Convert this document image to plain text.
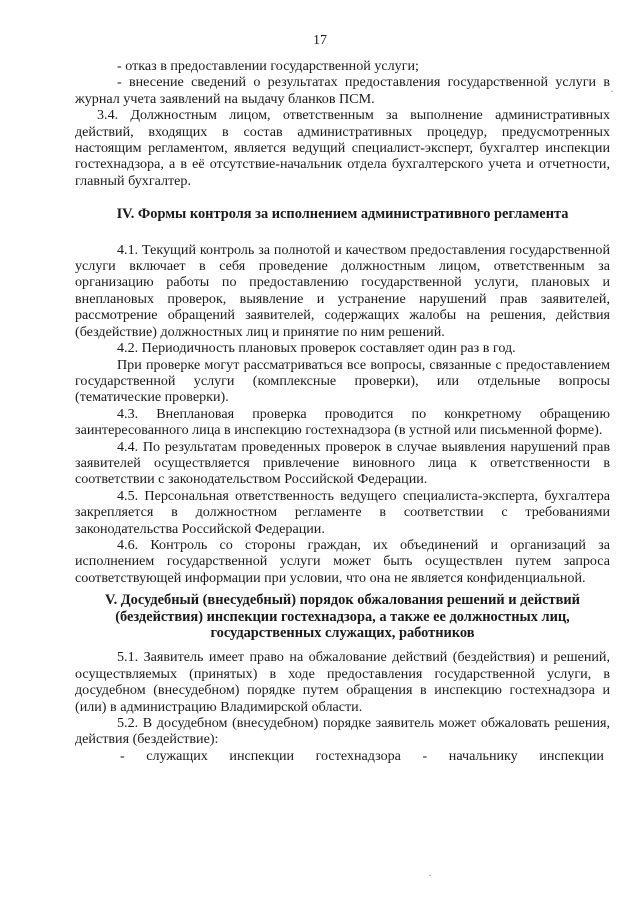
17

- отказ в предоставлении государственной услуги;

- внесение сведений о результатах предоставления государственной услуги в журнал учета заявлений на выдачу бланков ПСМ.

3.4. Должностным лицом, ответственным за выполнение административных действий, входящих в состав административных процедур, предусмотренных настоящим регламентом, является ведущий специалист-эксперт, бухгалтер инспекции гостехнадзора, а в её отсутствие-начальник отдела бухгалтерского учета и отчетности, главный бухгалтер.

IV. Формы контроля за исполнением административного регламента

4.1. Текущий контроль за полнотой и качеством предоставления государственной услуги включает в себя проведение должностным лицом, ответственным за организацию работы по предоставлению государственной услуги, плановых и внеплановых проверок, выявление и устранение нарушений прав заявителей, рассмотрение обращений заявителей, содержащих жалобы на решения, действия (бездействие) должностных лиц и принятие по ним решений.

4.2. Периодичность плановых проверок составляет один раз в год.

При проверке могут рассматриваться все вопросы, связанные с предоставлением государственной услуги (комплексные проверки), или отдельные вопросы (тематические проверки).

4.3. Внеплановая проверка проводится по конкретному обращению заинтересованного лица в инспекцию гостехнадзора (в устной или письменной форме).

4.4. По результатам проведенных проверок в случае выявления нарушений прав заявителей осуществляется привлечение виновного лица к ответственности в соответствии с законодательством Российской Федерации.

4.5. Персональная ответственность ведущего специалиста-эксперта, бухгалтера закрепляется в должностном регламенте в соответствии с требованиями законодательства Российской Федерации.

4.6. Контроль со стороны граждан, их объединений и организаций за исполнением государственной услуги может быть осуществлен путем запроса соответствующей информации при условии, что она не является конфиденциальной.

V. Досудебный (внесудебный) порядок обжалования решений и действий (бездействия) инспекции гостехнадзора, а также ее должностных лиц, государственных служащих, работников

5.1. Заявитель имеет право на обжалование действий (бездействия) и решений, осуществляемых (принятых) в ходе предоставления государственной услуги, в досудебном (внесудебном) порядке путем обращения в инспекцию гостехнадзора и (или) в администрацию Владимирской области.

5.2. В досудебном (внесудебном) порядке заявитель может обжаловать решения, действия (бездействие):

- служащих инспекции гостехнадзора - начальнику инспекции
·
·
